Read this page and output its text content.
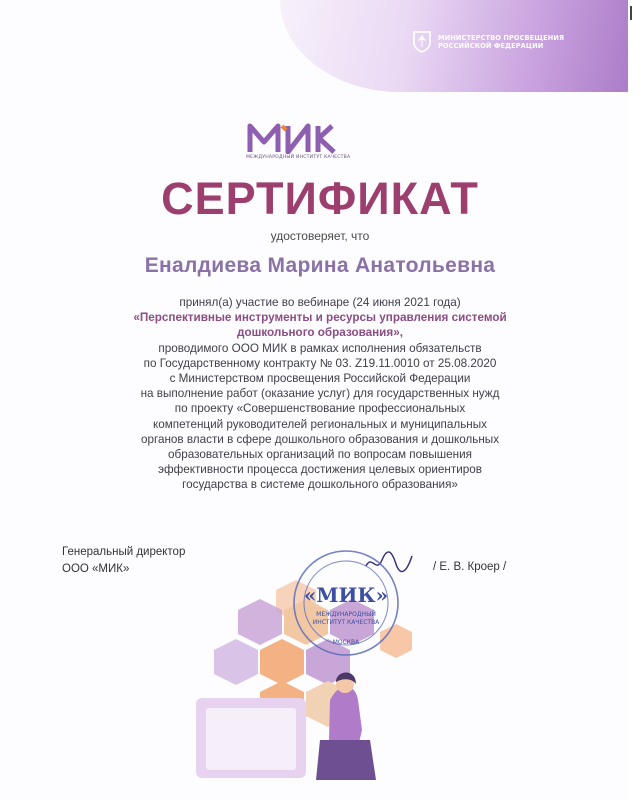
МИНИСТЕРСТВО ПРОСВЕЩЕНИЯ
РОССИЙСКОЙ ФЕДЕРАЦИИ
МЕЖДУНАРОДНЫЙ ИНСТИТУТ КАЧЕСТВА
СЕРТИФИКАТ
удостоверяет, что
Еналдиева Марина Анатольевна
принял(а) участие во вебинаре (24 июня 2021 года)
«Перспективные инструменты и ресурсы управления системой
дошкольного образования»,
проводимого ООО МИК в рамках исполнения обязательств
по Государственному контракту № 03. Z19.11.0010 от 25.08.2020
с Министерством просвещения Российской Федерации
на выполнение работ (оказание услуг) для государственных нужд
по проекту «Совершенствование профессиональных
компетенций руководителей региональных и муниципальных
органов власти в сфере дошкольного образования и дошкольных
образовательных организаций по вопросам повышения
эффективности процесса достижения целевых ориентиров
государства в системе дошкольного образования»
Генеральный директор
ООО «МИК»	/ Е. В. Кроер /
«МИК»
МЕЖДУНАРОДНЫЙ
ИНСТИТУТ КАЧЕСТВА
МОСКВА
